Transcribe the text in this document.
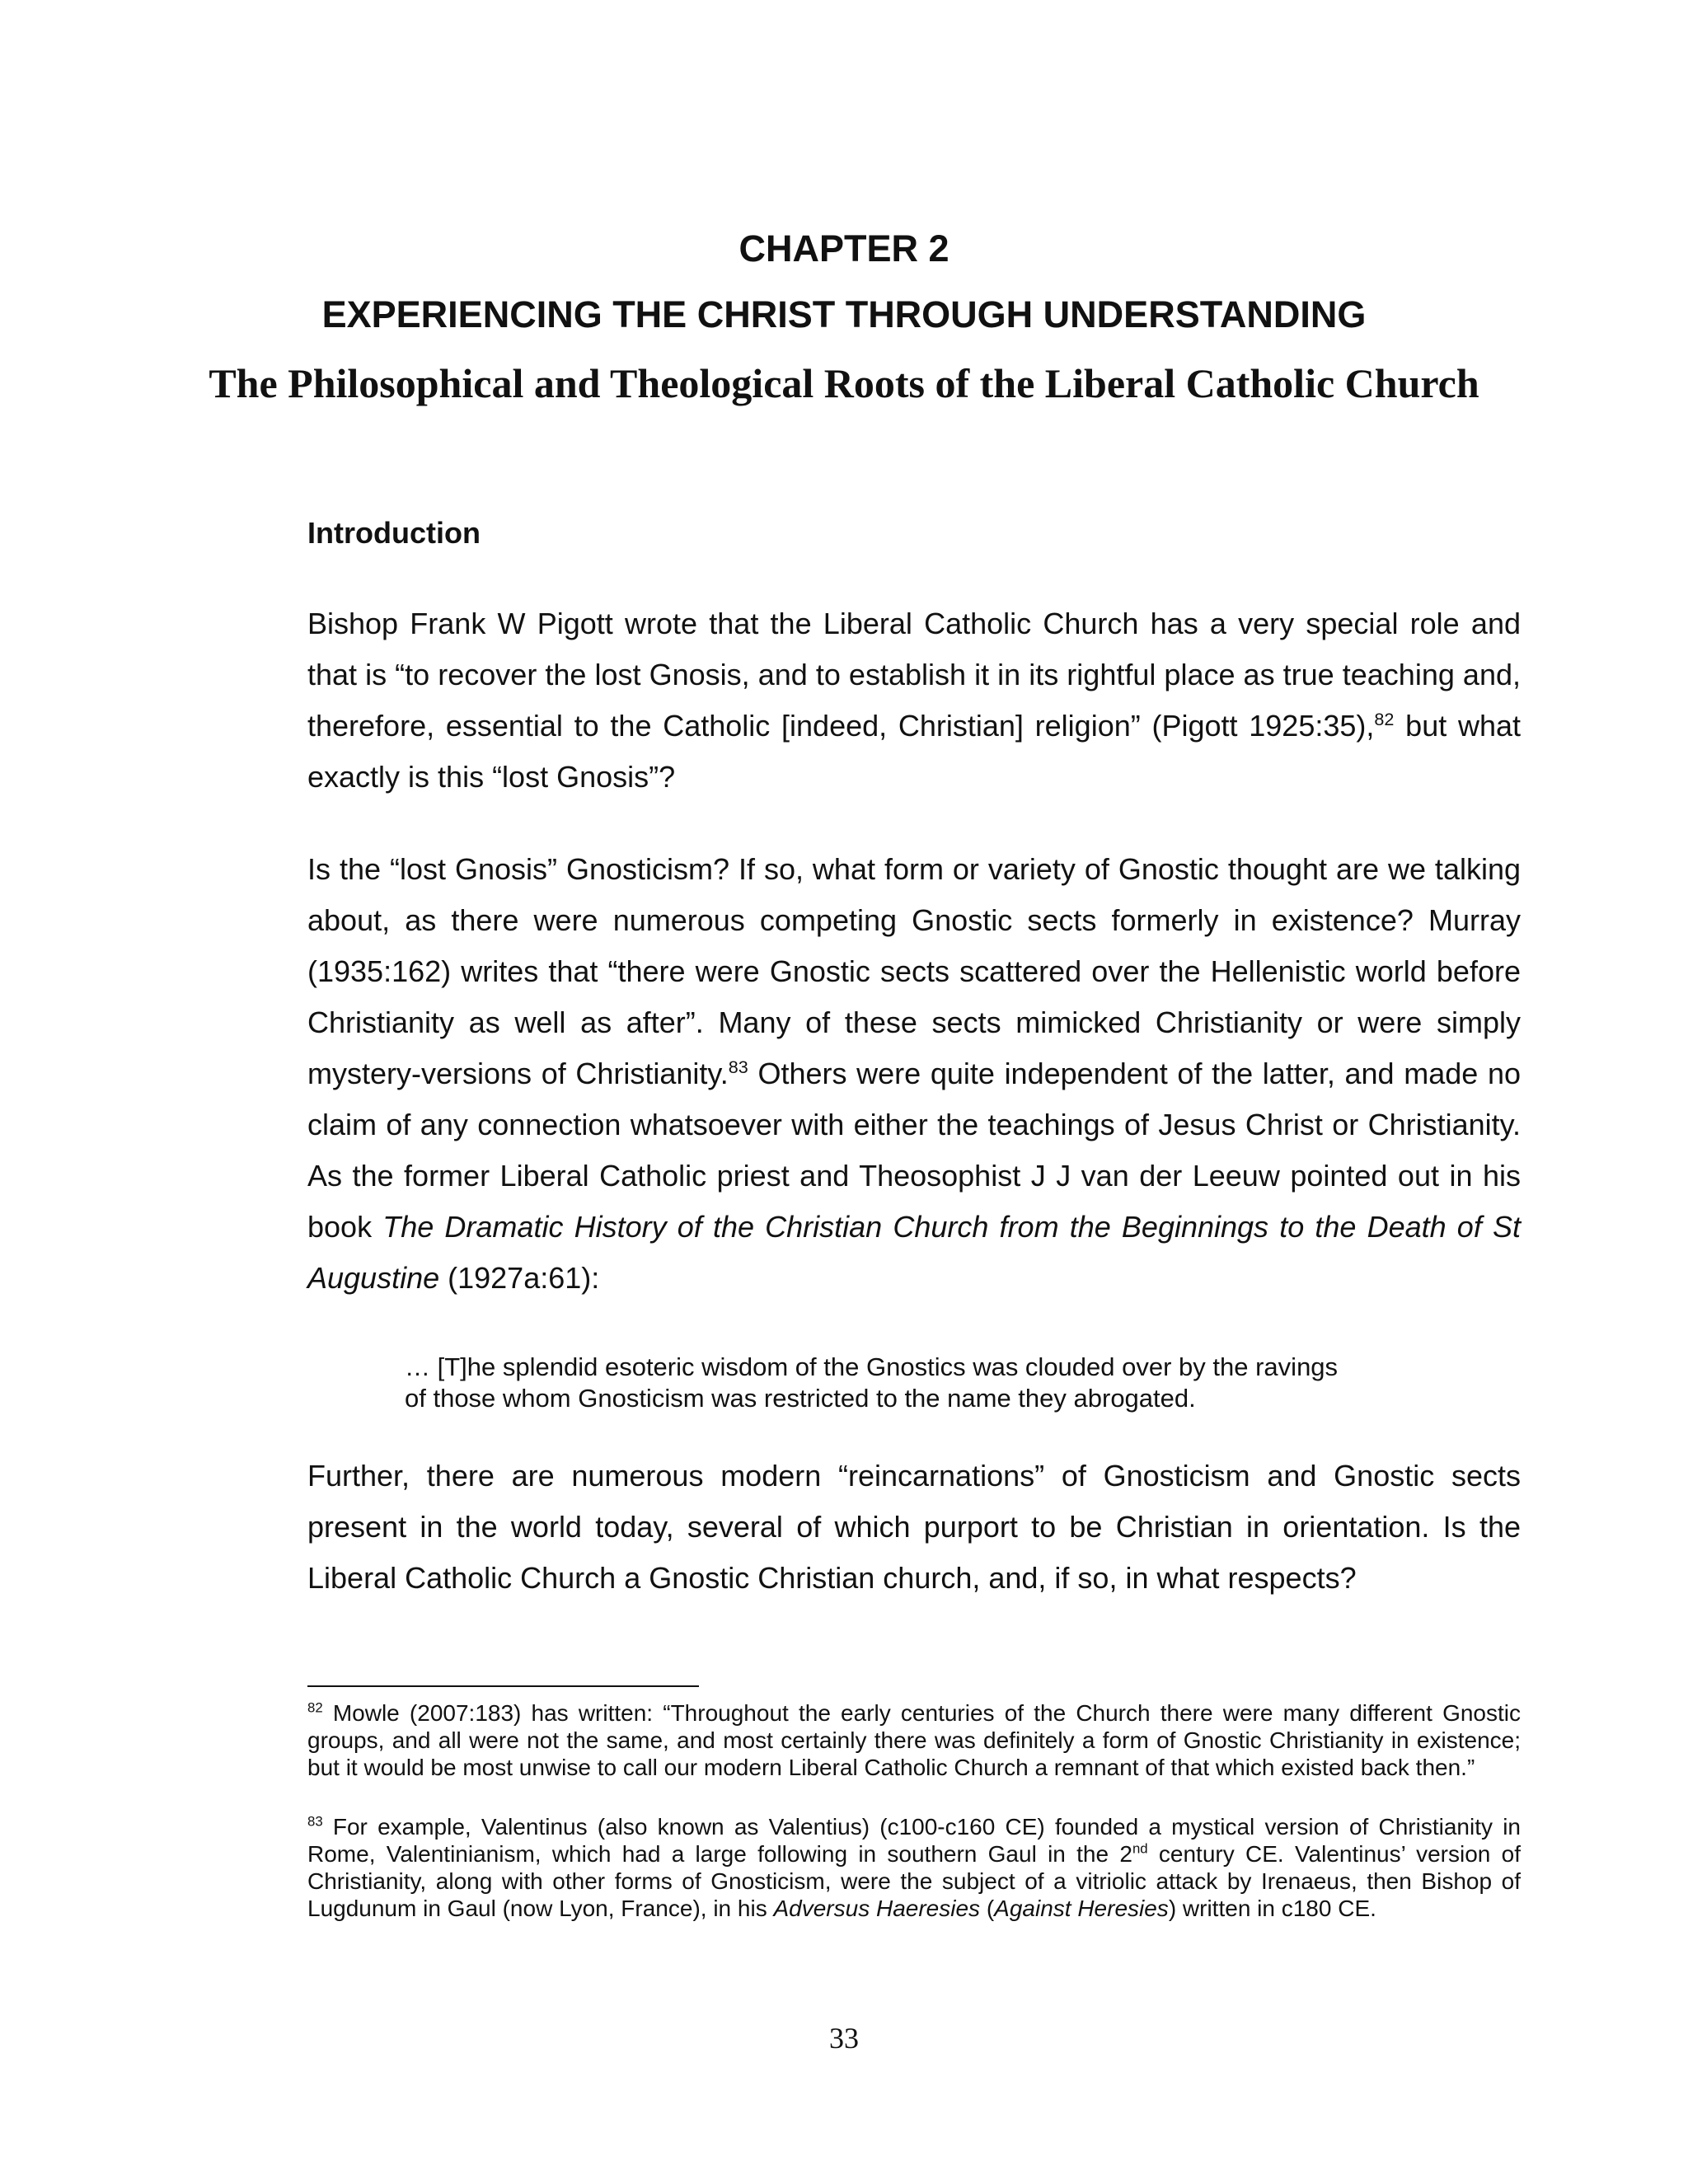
CHAPTER 2
EXPERIENCING THE CHRIST THROUGH UNDERSTANDING
The Philosophical and Theological Roots of the Liberal Catholic Church
Introduction

Bishop Frank W Pigott wrote that the Liberal Catholic Church has a very special role and that is “to recover the lost Gnosis, and to establish it in its rightful place as true teaching and, therefore, essential to the Catholic [indeed, Christian] religion” (Pigott 1925:35),$^{82}$ but what exactly is this “lost Gnosis”?

Is the “lost Gnosis” Gnosticism? If so, what form or variety of Gnostic thought are we talking about, as there were numerous competing Gnostic sects formerly in existence? Murray (1935:162) writes that “there were Gnostic sects scattered over the Hellenistic world before Christianity as well as after”. Many of these sects mimicked Christianity or were simply mystery-versions of Christianity.$^{83}$ Others were quite independent of the latter, and made no claim of any connection whatsoever with either the teachings of Jesus Christ or Christianity. As the former Liberal Catholic priest and Theosophist J J van der Leeuw pointed out in his book The Dramatic History of the Christian Church from the Beginnings to the Death of St Augustine (1927a:61):

… [T]he splendid esoteric wisdom of the Gnostics was clouded over by the ravings
of those whom Gnosticism was restricted to the name they abrogated.

Further, there are numerous modern “reincarnations” of Gnosticism and Gnostic sects present in the world today, several of which purport to be Christian in orientation. Is the Liberal Catholic Church a Gnostic Christian church, and, if so, in what respects?

$^{82}$ Mowle (2007:183) has written: “Throughout the early centuries of the Church there were many different Gnostic groups, and all were not the same, and most certainly there was definitely a form of Gnostic Christianity in existence; but it would be most unwise to call our modern Liberal Catholic Church a remnant of that which existed back then.”

$^{83}$ For example, Valentinus (also known as Valentius) (c100-c160 CE) founded a mystical version of Christianity in Rome, Valentinianism, which had a large following in southern Gaul in the 2nd century CE. Valentinus’ version of Christianity, along with other forms of Gnosticism, were the subject of a vitriolic attack by Irenaeus, then Bishop of Lugdunum in Gaul (now Lyon, France), in his Adversus Haeresies (Against Heresies) written in c180 CE.

33
